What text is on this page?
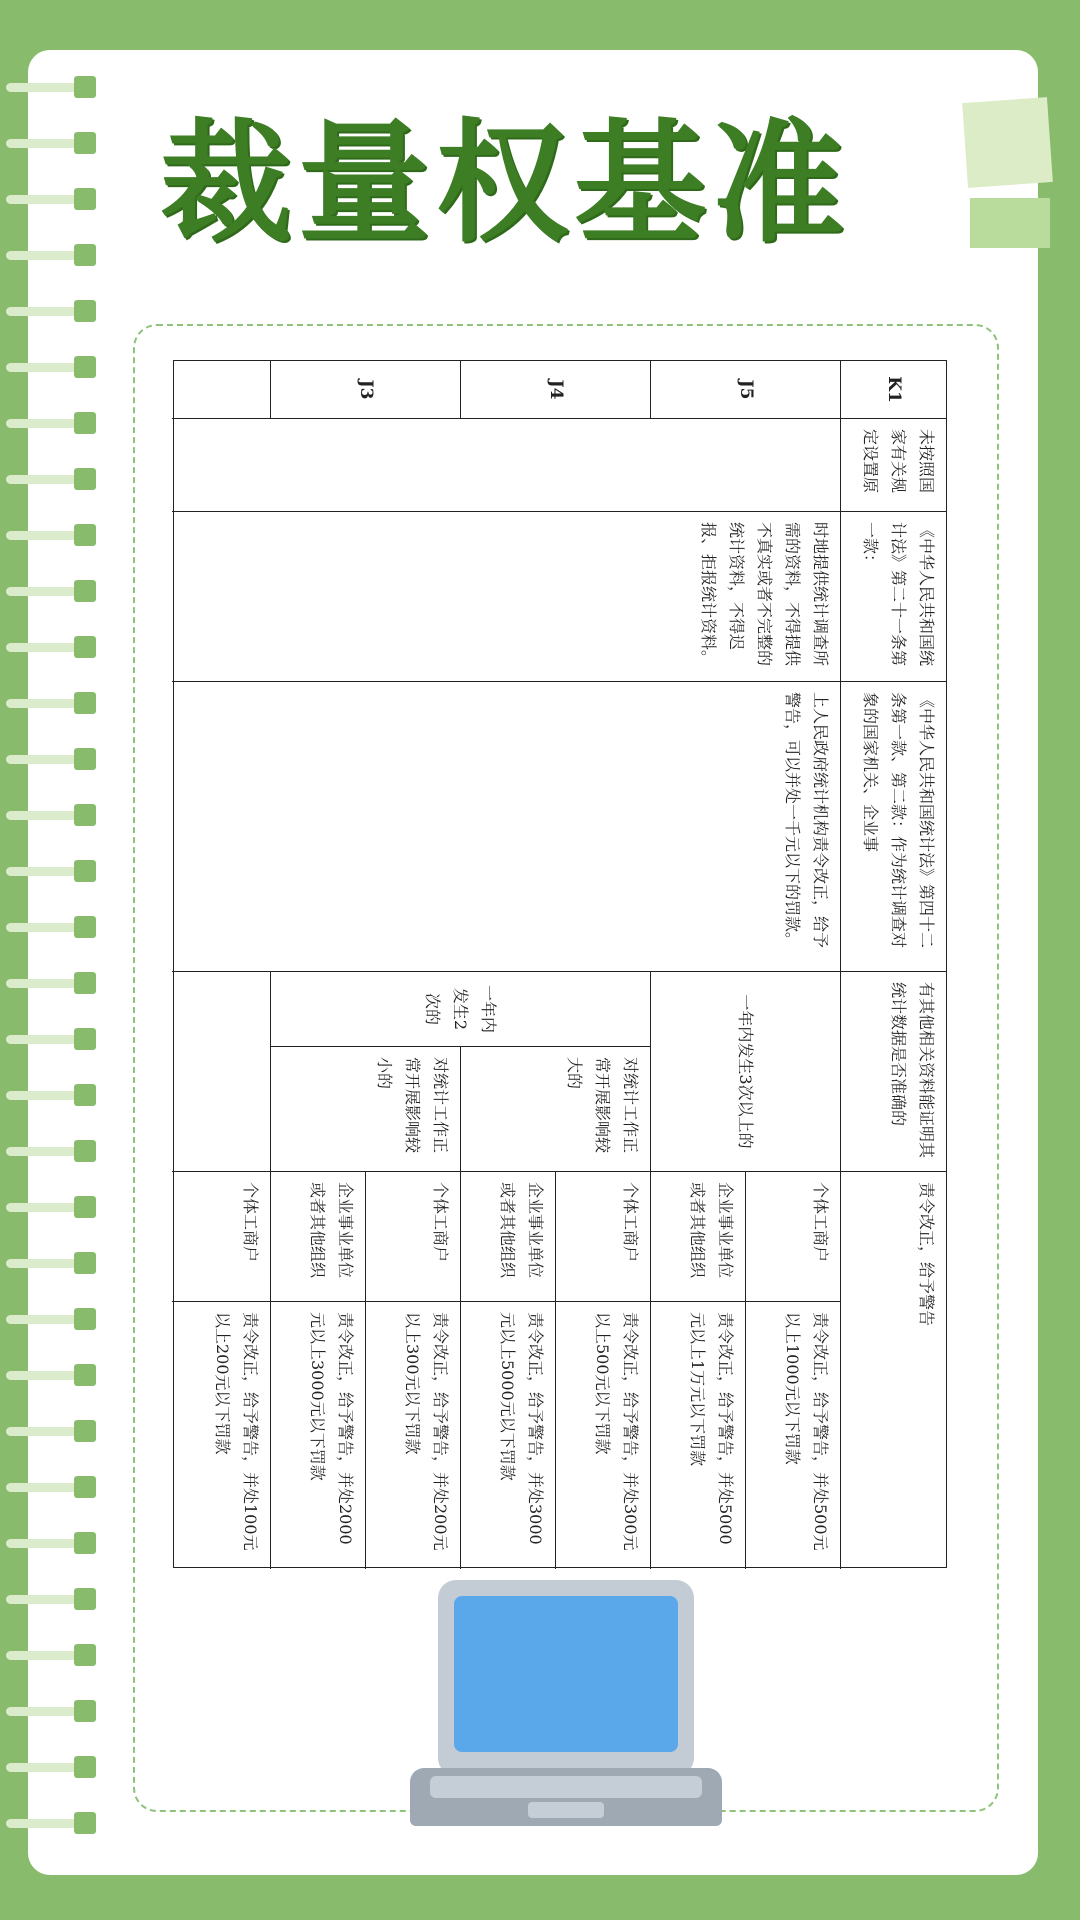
裁量权基准
K1
J5
J4
J3
未按照国家有关规定设置原
《中华人民共和国统计法》第二十一条第一款：
《中华人民共和国统计法》第四十二条第一款、第二款：作为统计调查对象的国家机关、企业事
有其他相关资料能证明其统计数据是否准确的
责令改正，给予警告
时地提供统计调查所需的资料，不得提供不真实或者不完整的统计资料，不得迟报、拒报统计资料。
上人民政府统计机构责令改正，给予警告，可以并处一千元以下的罚款。
一年内发生3次以上的
一年内发生2次的
对统计工作正常开展影响较大的
对统计工作正常开展影响较小的
个体工商户
责令改正，给予警告，并处500元以上1000元以下罚款
企业事业单位或者其他组织
责令改正，给予警告，并处5000元以上1万元以下罚款
个体工商户
责令改正，给予警告，并处300元以上500元以下罚款
企业事业单位或者其他组织
责令改正，给予警告，并处3000元以上5000元以下罚款
个体工商户
责令改正，给予警告，并处200元以上300元以下罚款
企业事业单位或者其他组织
责令改正，给予警告，并处2000元以上3000元以下罚款
个体工商户
责令改正，给予警告，并处100元以上200元以下罚款
